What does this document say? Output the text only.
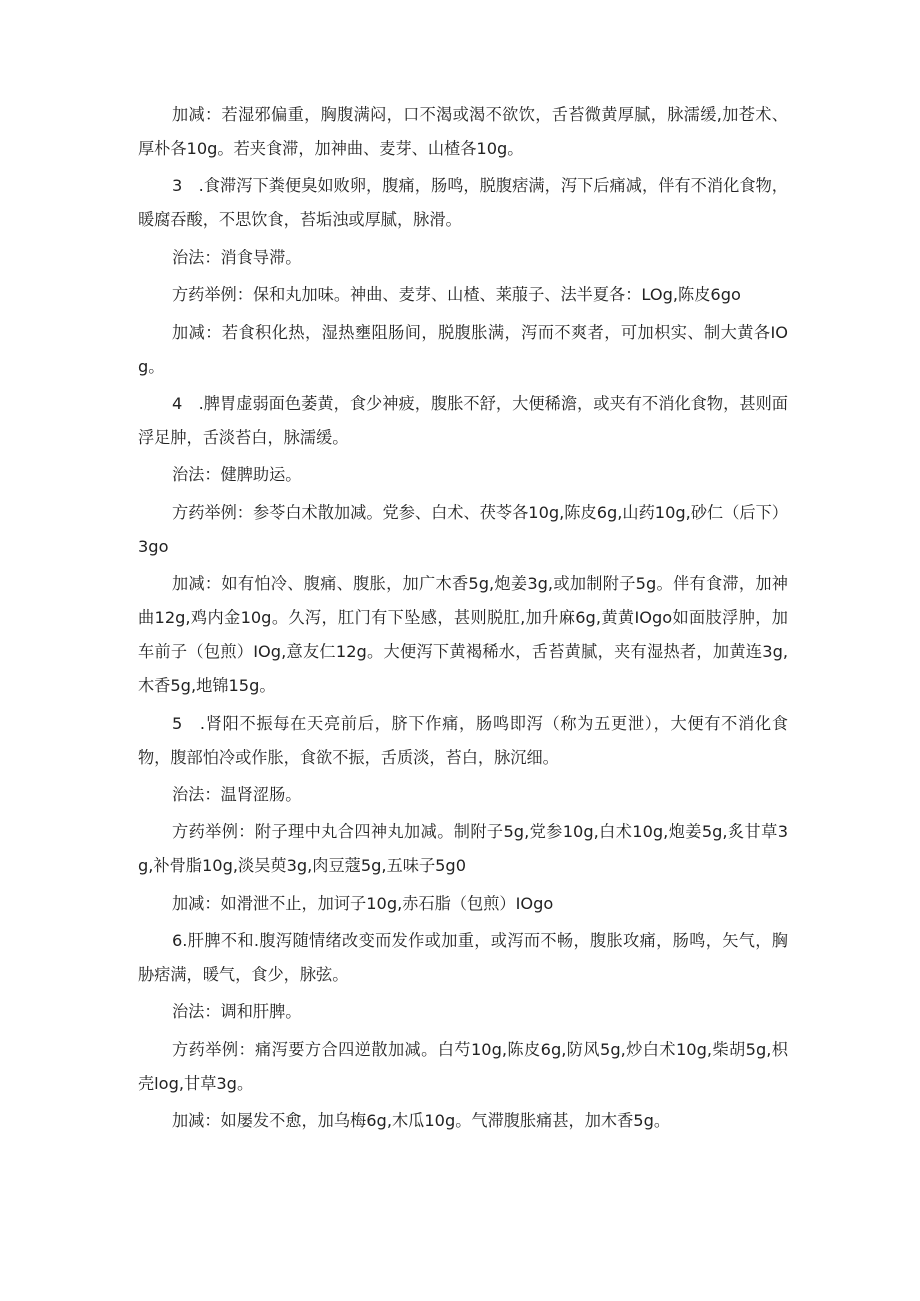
加减：若湿邪偏重，胸腹满闷，口不渴或渴不欲饮，舌苔微黄厚腻，脉濡缓,加苍术、厚朴各10g。若夹食滞，加神曲、麦芽、山楂各10g。

3　.食滞泻下粪便臭如败卵，腹痛，肠鸣，脱腹痞满，泻下后痛减，伴有不消化食物，暖腐吞酸，不思饮食，苔垢浊或厚腻，脉滑。

治法：消食导滞。

方药举例：保和丸加味。神曲、麦芽、山楂、莱菔子、法半夏各：LOg,陈皮6go

加减：若食积化热，湿热壅阻肠间，脱腹胀满，泻而不爽者，可加枳实、制大黄各IOg。

4　.脾胃虚弱面色萎黄，食少神疲，腹胀不舒，大便稀澹，或夹有不消化食物，甚则面浮足肿，舌淡苔白，脉濡缓。

治法：健脾助运。

方药举例：参苓白术散加减。党参、白术、茯苓各10g,陈皮6g,山药10g,砂仁（后下）3go

加减：如有怕冷、腹痛、腹胀，加广木香5g,炮姜3g,或加制附子5g。伴有食滞，加神曲12g,鸡内金10g。久泻，肛门有下坠感，甚则脱肛,加升麻6g,黄黄IOgo如面肢浮肿，加车前子（包煎）IOg,意友仁12g。大便泻下黄褐稀水，舌苔黄腻，夹有湿热者，加黄连3g,木香5g,地锦15g。

5　.肾阳不振每在天亮前后，脐下作痛，肠鸣即泻（称为五更泄），大便有不消化食物，腹部怕冷或作胀，食欲不振，舌质淡，苔白，脉沉细。

治法：温肾涩肠。

方药举例：附子理中丸合四神丸加减。制附子5g,党参10g,白术10g,炮姜5g,炙甘草3g,补骨脂10g,淡吴萸3g,肉豆蔻5g,五味子5g0

加减：如滑泄不止，加诃子10g,赤石脂（包煎）IOgo

6.肝脾不和.腹泻随情绪改变而发作或加重，或泻而不畅，腹胀攻痛，肠鸣，矢气，胸胁痞满，暖气，食少，脉弦。

治法：调和肝脾。

方药举例：痛泻要方合四逆散加减。白芍10g,陈皮6g,防风5g,炒白术10g,柴胡5g,枳壳log,甘草3g。

加减：如屡发不愈，加乌梅6g,木瓜10g。气滞腹胀痛甚，加木香5g。
